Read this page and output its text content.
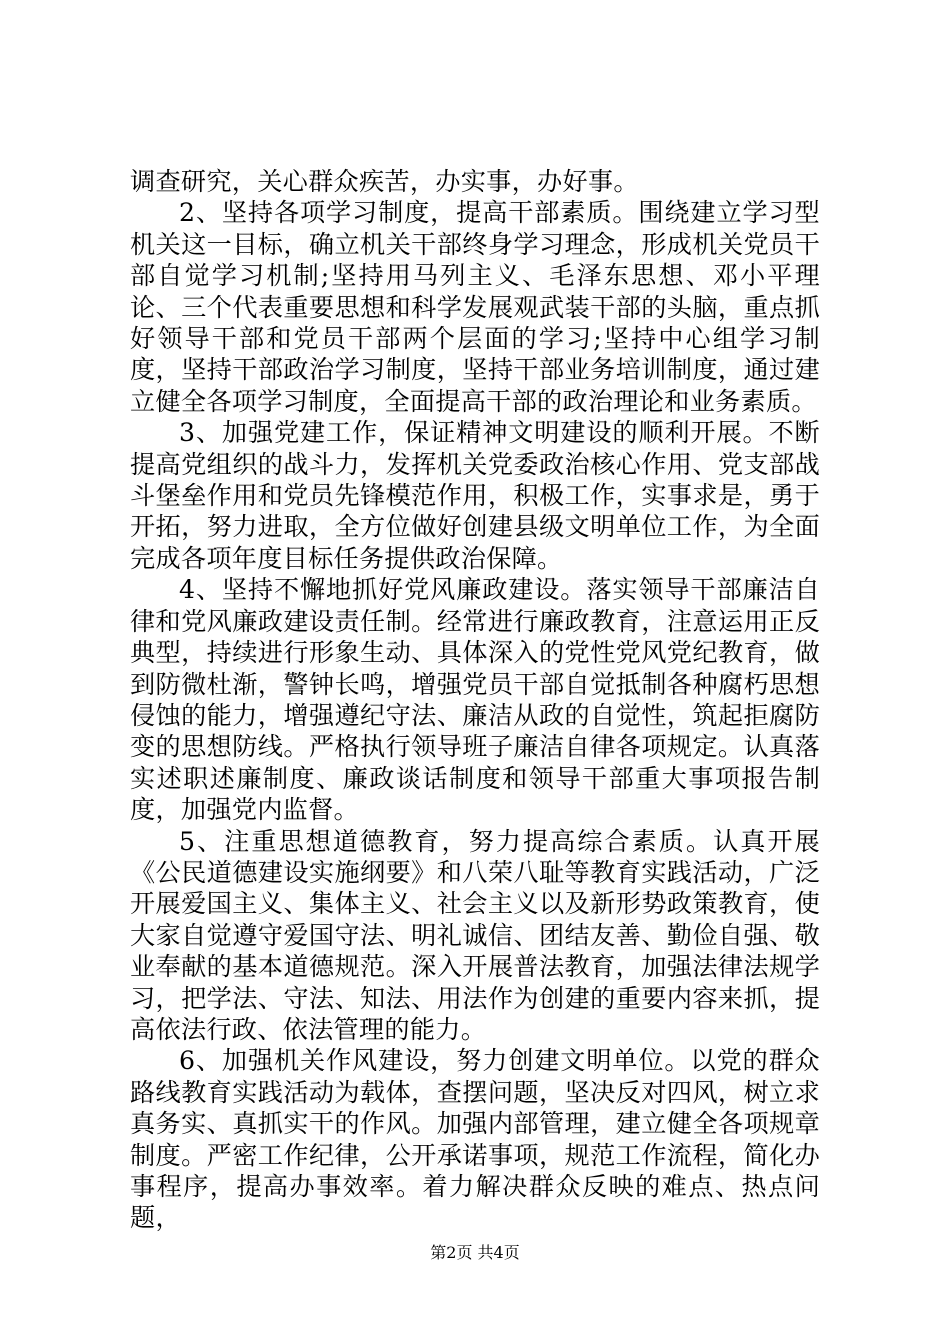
调查研究，关心群众疾苦，办实事，办好事。

2、坚持各项学习制度，提高干部素质。围绕建立学习型机关这一目标，确立机关干部终身学习理念，形成机关党员干部自觉学习机制;坚持用马列主义、毛泽东思想、邓小平理论、三个代表重要思想和科学发展观武装干部的头脑，重点抓好领导干部和党员干部两个层面的学习;坚持中心组学习制度，坚持干部政治学习制度，坚持干部业务培训制度，通过建立健全各项学习制度，全面提高干部的政治理论和业务素质。

3、加强党建工作，保证精神文明建设的顺利开展。不断提高党组织的战斗力，发挥机关党委政治核心作用、党支部战斗堡垒作用和党员先锋模范作用，积极工作，实事求是，勇于开拓，努力进取，全方位做好创建县级文明单位工作，为全面完成各项年度目标任务提供政治保障。

4、坚持不懈地抓好党风廉政建设。落实领导干部廉洁自律和党风廉政建设责任制。经常进行廉政教育，注意运用正反典型，持续进行形象生动、具体深入的党性党风党纪教育，做到防微杜渐，警钟长鸣，增强党员干部自觉抵制各种腐朽思想侵蚀的能力，增强遵纪守法、廉洁从政的自觉性，筑起拒腐防变的思想防线。严格执行领导班子廉洁自律各项规定。认真落实述职述廉制度、廉政谈话制度和领导干部重大事项报告制度，加强党内监督。

5、注重思想道德教育，努力提高综合素质。认真开展《公民道德建设实施纲要》和八荣八耻等教育实践活动，广泛开展爱国主义、集体主义、社会主义以及新形势政策教育，使大家自觉遵守爱国守法、明礼诚信、团结友善、勤俭自强、敬业奉献的基本道德规范。深入开展普法教育，加强法律法规学习，把学法、守法、知法、用法作为创建的重要内容来抓，提高依法行政、依法管理的能力。

6、加强机关作风建设，努力创建文明单位。以党的群众路线教育实践活动为载体，查摆问题，坚决反对四风，树立求真务实、真抓实干的作风。加强内部管理，建立健全各项规章制度。严密工作纪律，公开承诺事项，规范工作流程，简化办事程序，提高办事效率。着力解决群众反映的难点、热点问题，

第2页 共4页
